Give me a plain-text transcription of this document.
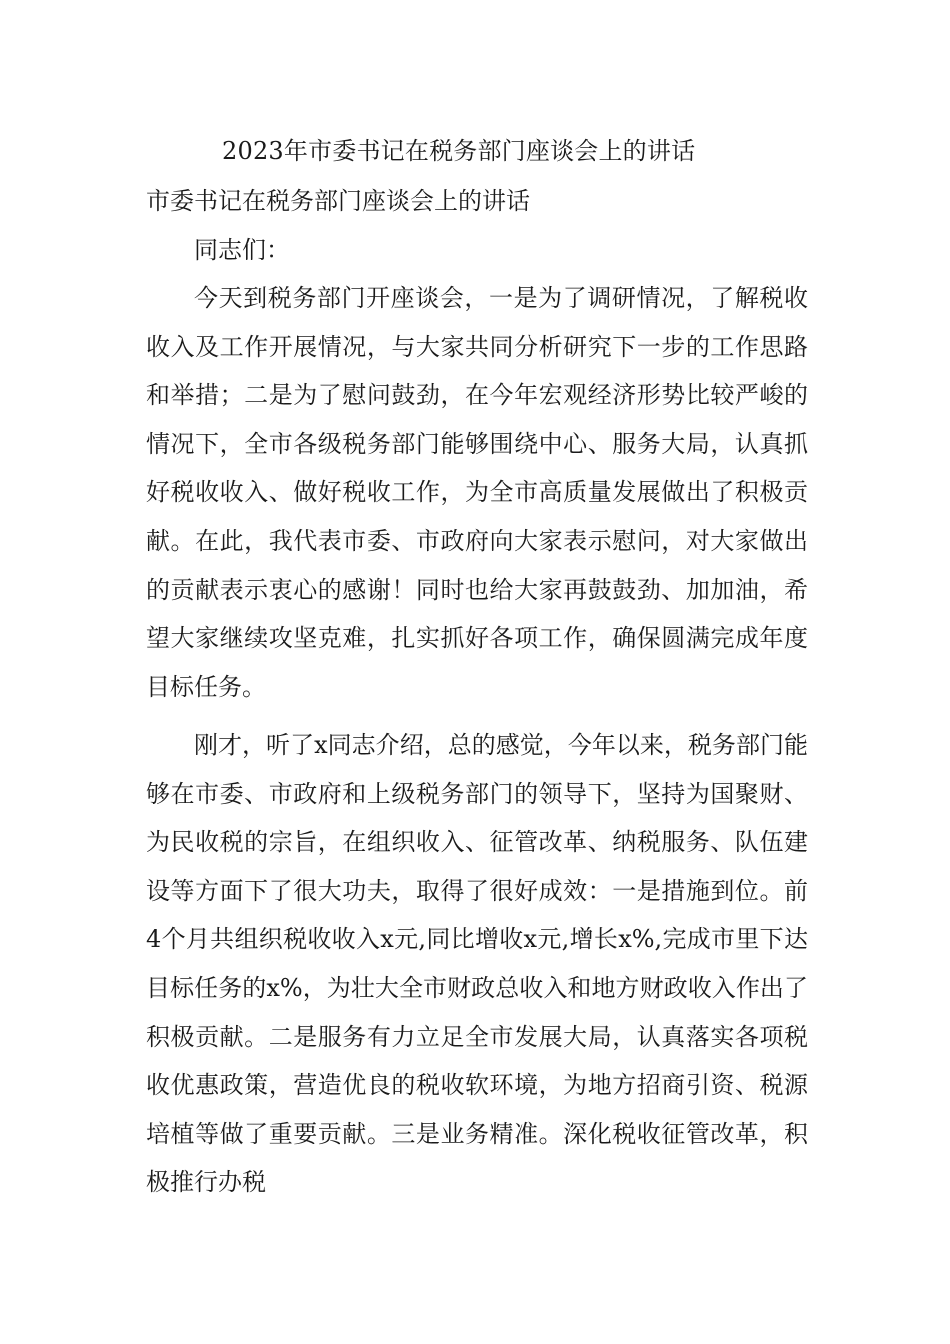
2023年市委书记在税务部门座谈会上的讲话
市委书记在税务部门座谈会上的讲话

同志们：

今天到税务部门开座谈会，一是为了调研情况，了解税收收入及工作开展情况，与大家共同分析研究下一步的工作思路和举措；二是为了慰问鼓劲，在今年宏观经济形势比较严峻的情况下，全市各级税务部门能够围绕中心、服务大局，认真抓好税收收入、做好税收工作，为全市高质量发展做出了积极贡献。在此，我代表市委、市政府向大家表示慰问，对大家做出的贡献表示衷心的感谢！同时也给大家再鼓鼓劲、加加油，希望大家继续攻坚克难，扎实抓好各项工作，确保圆满完成年度目标任务。

刚才，听了x同志介绍，总的感觉，今年以来，税务部门能够在市委、市政府和上级税务部门的领导下，坚持为国聚财、为民收税的宗旨，在组织收入、征管改革、纳税服务、队伍建设等方面下了很大功夫，取得了很好成效：一是措施到位。前4个月共组织税收收入x元,同比增收x元,增长x%,完成市里下达目标任务的x%，为壮大全市财政总收入和地方财政收入作出了积极贡献。二是服务有力立足全市发展大局，认真落实各项税收优惠政策，营造优良的税收软环境，为地方招商引资、税源培植等做了重要贡献。三是业务精准。深化税收征管改革，积极推行办税
